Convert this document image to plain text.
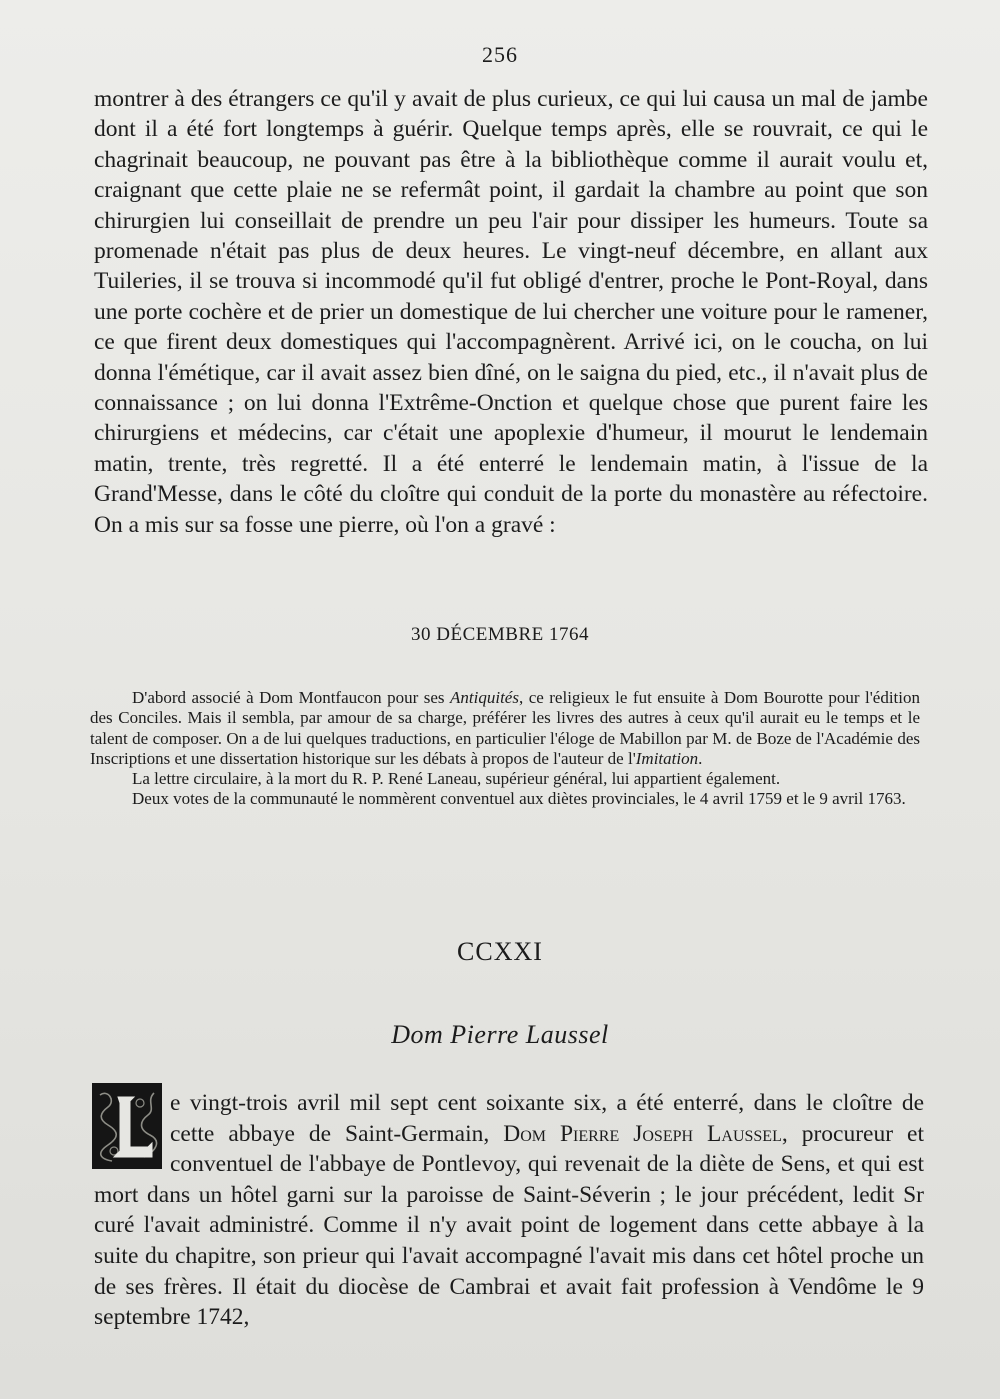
256

montrer à des étrangers ce qu'il y avait de plus curieux, ce qui lui causa un mal de jambe dont il a été fort longtemps à guérir. Quelque temps après, elle se rouvrait, ce qui le chagrinait beaucoup, ne pouvant pas être à la bibliothèque comme il aurait voulu et, craignant que cette plaie ne se refermât point, il gardait la chambre au point que son chirurgien lui conseillait de prendre un peu l'air pour dissiper les humeurs. Toute sa promenade n'était pas plus de deux heures. Le vingt-neuf décembre, en allant aux Tuileries, il se trouva si incommodé qu'il fut obligé d'entrer, proche le Pont-Royal, dans une porte cochère et de prier un domestique de lui chercher une voiture pour le ramener, ce que firent deux domestiques qui l'accompagnèrent. Arrivé ici, on le coucha, on lui donna l'émétique, car il avait assez bien dîné, on le saigna du pied, etc., il n'avait plus de connaissance ; on lui donna l'Extrême-Onction et quelque chose que purent faire les chirurgiens et médecins, car c'était une apoplexie d'humeur, il mourut le lendemain matin, trente, très regretté. Il a été enterré le lendemain matin, à l'issue de la Grand'Messe, dans le côté du cloître qui conduit de la porte du monastère au réfectoire. On a mis sur sa fosse une pierre, où l'on a gravé :

30 DÉCEMBRE 1764

D'abord associé à Dom Montfaucon pour ses Antiquités, ce religieux le fut ensuite à Dom Bourotte pour l'édition des Conciles. Mais il sembla, par amour de sa charge, préférer les livres des autres à ceux qu'il aurait eu le temps et le talent de composer. On a de lui quelques traductions, en particulier l'éloge de Mabillon par M. de Boze de l'Académie des Inscriptions et une dissertation historique sur les débats à propos de l'auteur de l'Imitation.

La lettre circulaire, à la mort du R. P. René Laneau, supérieur général, lui appartient également.

Deux votes de la communauté le nommèrent conventuel aux diètes provinciales, le 4 avril 1759 et le 9 avril 1763.

CCXXI
Dom Pierre Laussel
e vingt-trois avril mil sept cent soixante six, a été enterré, dans le cloître de cette abbaye de Saint-Germain, Dom Pierre Joseph Laussel, procureur et conventuel de l'abbaye de Pontlevoy, qui revenait de la diète de Sens, et qui est mort dans un hôtel garni sur la paroisse de Saint-Séverin ; le jour précédent, ledit Sr curé l'avait administré. Comme il n'y avait point de logement dans cette abbaye à la suite du chapitre, son prieur qui l'avait accompagné l'avait mis dans cet hôtel proche un de ses frères. Il était du diocèse de Cambrai et avait fait profession à Vendôme le 9 septembre 1742,
